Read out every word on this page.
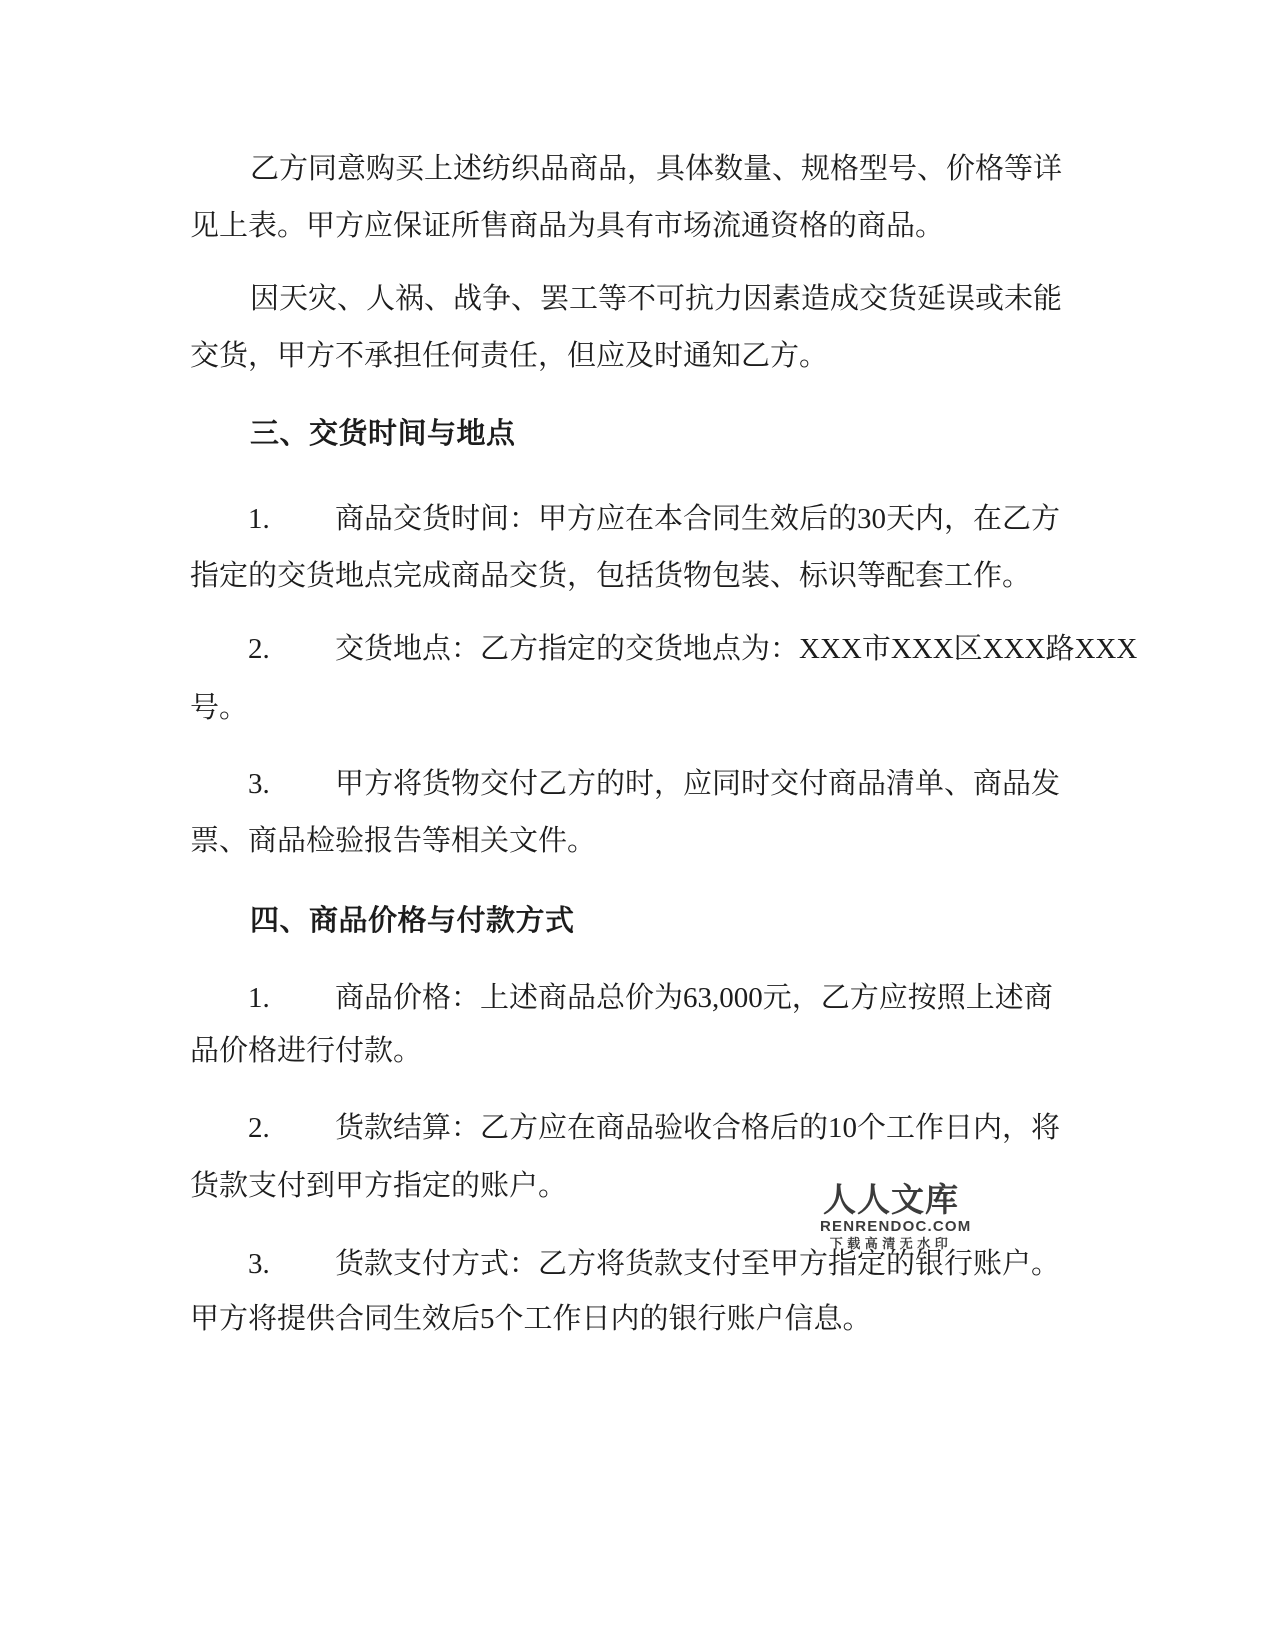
乙方同意购买上述纺织品商品，具体数量、规格型号、价格等详
见上表。甲方应保证所售商品为具有市场流通资格的商品。
因天灾、人祸、战争、罢工等不可抗力因素造成交货延误或未能
交货，甲方不承担任何责任，但应及时通知乙方。
三、交货时间与地点
1. 商品交货时间：甲方应在本合同生效后的30天内，在乙方
指定的交货地点完成商品交货，包括货物包装、标识等配套工作。
2. 交货地点：乙方指定的交货地点为：XXX市XXX区XXX路XXX
号。
3. 甲方将货物交付乙方的时，应同时交付商品清单、商品发
票、商品检验报告等相关文件。
四、商品价格与付款方式
1. 商品价格：上述商品总价为63,000元，乙方应按照上述商
品价格进行付款。
2. 货款结算：乙方应在商品验收合格后的10个工作日内，将
货款支付到甲方指定的账户。
3. 货款支付方式：乙方将货款支付至甲方指定的银行账户。
甲方将提供合同生效后5个工作日内的银行账户信息。
人人文库
RENRENDOC.COM
下载高清无水印
